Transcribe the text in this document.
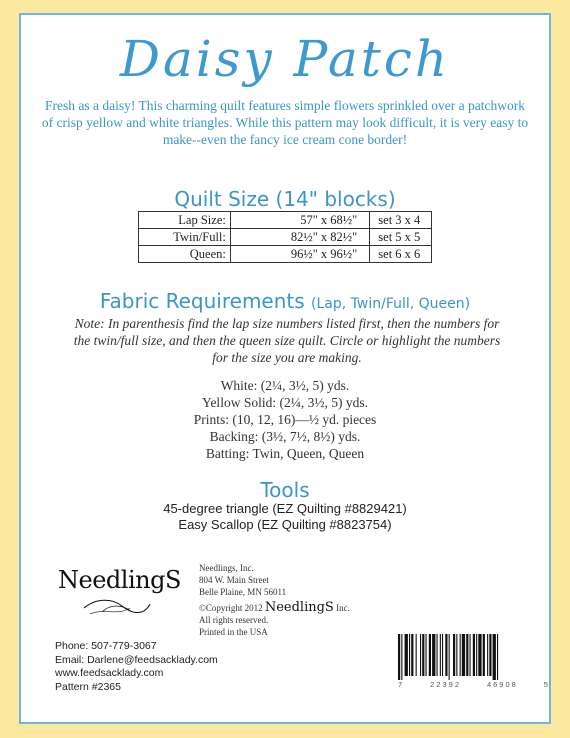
Daisy Patch
Fresh as a daisy! This charming quilt features simple flowers sprinkled over a patchwork of crisp yellow and white triangles. While this pattern may look difficult, it is very easy to make--even the fancy ice cream cone border!
Quilt Size (14" blocks)
Lap Size:	57" x 68½"	set 3 x 4
Twin/Full:	82½" x 82½"	set 5 x 5
Queen:	96½" x 96½"	set 6 x 6
Fabric Requirements (Lap, Twin/Full, Queen)
Note: In parenthesis find the lap size numbers listed first, then the numbers for the twin/full size, and then the queen size quilt. Circle or highlight the numbers for the size you are making.
White: (2¼, 3½, 5) yds.
Yellow Solid: (2¼, 3½, 5) yds.
Prints: (10, 12, 16)—½ yd. pieces
Backing: (3½, 7½, 8½) yds.
Batting: Twin, Queen, Queen
Tools
45-degree triangle (EZ Quilting #8829421)
Easy Scallop (EZ Quilting #8823754)
NeedlingS Needlings, Inc.
804 W. Main Street
Belle Plaine, MN 56011
©Copyright 2012 NeedlingS Inc.
All rights reserved.
Printed in the USA
Phone: 507-779-3067
Email: Darlene@feedsacklady.com
www.feedsacklady.com
Pattern #2365	7	22392	46908	5
